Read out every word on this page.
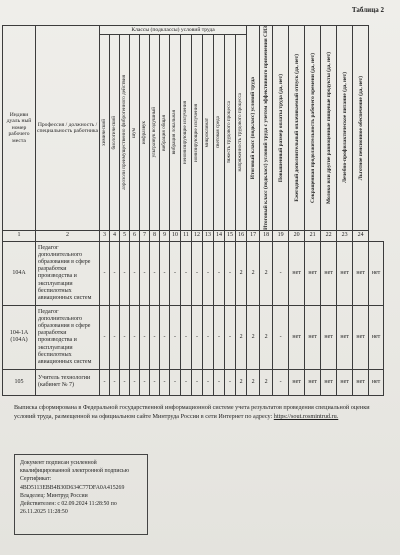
Таблица 2
Индиви дуаль ный номер рабочего места	Профессия / должность / специальность работника	Классы (подклассы) условий труда														Итоговый класс (подкласс) условий труда	Итоговый класс (подкласс) условий труда с учетом эффективного применения СИЗ	Повышенный размер оплаты труда (да, нет)	Ежегодный дополнительный оплачиваемый отпуск (да, нет)	Сокращенная продолжительность рабочего времени (да, нет)	Молоко или другие равноценные пищевые продукты (да, нет)	Лечебно-профилактическое питание (да, нет)	Льготное пенсионное обеспечение (да, нет)	

		химический	биологический	аэрозоли преимущественно фиброгенного действия	шум	инфразвук	ультразвук воздушный	вибрация общая	вибрация локальная	неионизирующие излучения	ионизирующие излучения	микроклимат	световая среда	тяжесть трудового процесса	напряженность трудового процесса									

1	2	3	4	5	6	7	8	9	10	11	12	13	14	15	16	17	18	19	20	21	22	23	24	
104А	Педагог дополнительного образования в сфере разработки производства и эксплуатации беспилотных авиационных систем	-	-	-	-	-	-	-	-	-	-	-	-	-	2	2	2	-	нет	нет	нет	нет	нет	нет
104-1А (104А)	Педагог дополнительного образования в сфере разработки производства и эксплуатации беспилотных авиационных систем	-	-	-	-	-	-	-	-	-	-	-	-	-	2	2	2	-	нет	нет	нет	нет	нет	нет
105	Учитель технологии (кабинет № 7)	-	-	-	-	-	-	-	-	-	-	-	-	-	2	2	2	-	нет	нет	нет	нет	нет	нет
Выписка сформирована в Федеральной государственной информационной системе учета результатов проведения специальной оценки условий труда, размещенной на официальном сайте Минтруда России в сети Интернет по адресу: https://sout.rosmintrud.ru.
Документ подписан усиленной квалифицированной электронной подписью
Сертификат:
4BD5113EBB4B30D634C77DFA0A415269
Владелец: Минтруд России
Действителен: с 02.09.2024 11:28:50 по 26.11.2025 11:28:50
